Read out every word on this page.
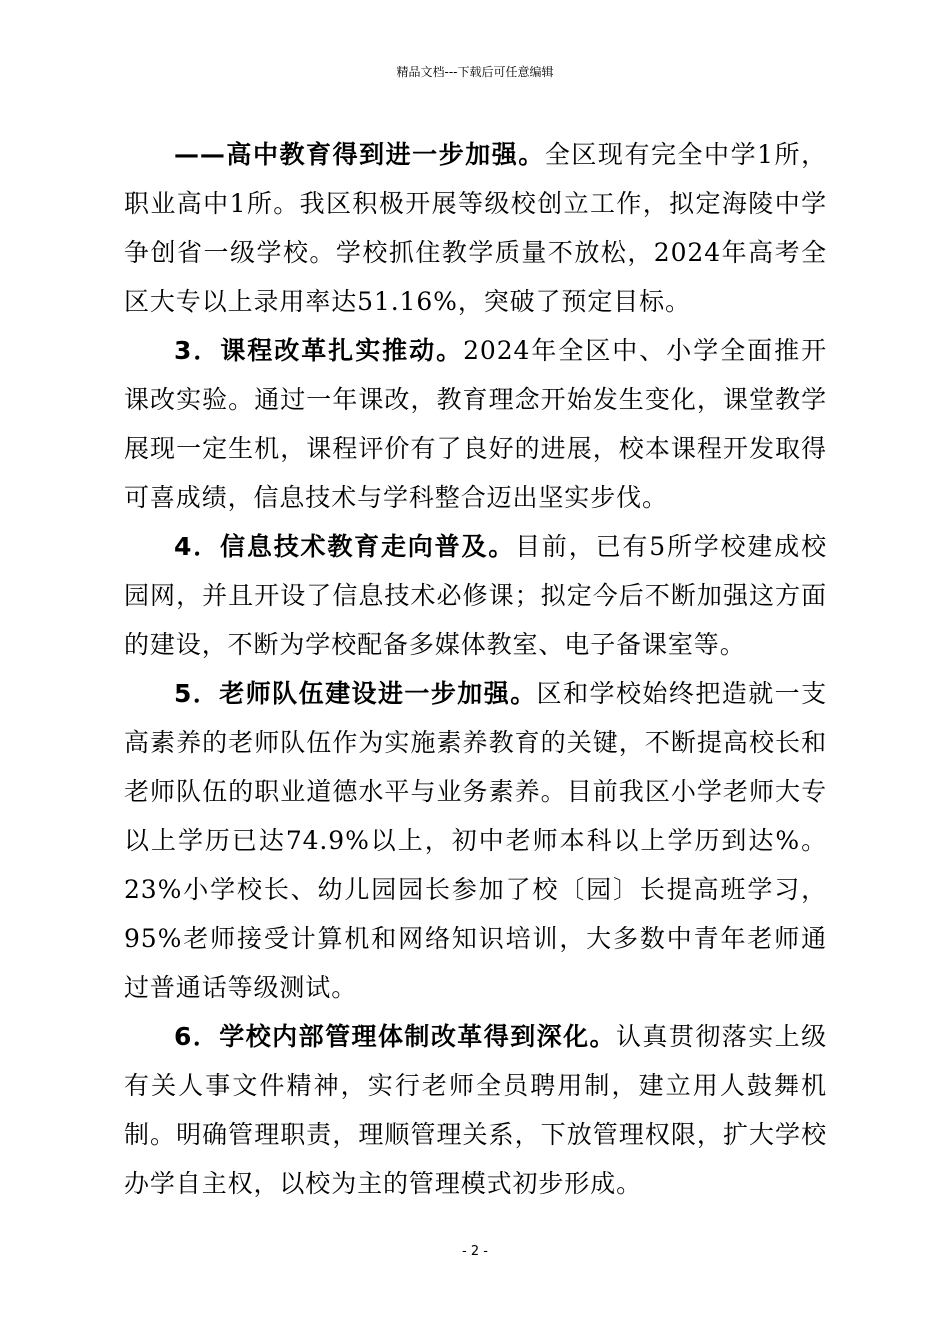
精品文档---下载后可任意编辑

——高中教育得到进一步加强。全区现有完全中学1所，职业高中1所。我区积极开展等级校创立工作，拟定海陵中学争创省一级学校。学校抓住教学质量不放松，2024年高考全区大专以上录用率达51.16%，突破了预定目标。

3．课程改革扎实推动。2024年全区中、小学全面推开课改实验。通过一年课改，教育理念开始发生变化，课堂教学展现一定生机，课程评价有了良好的进展，校本课程开发取得可喜成绩，信息技术与学科整合迈出坚实步伐。

4．信息技术教育走向普及。目前，已有5所学校建成校园网，并且开设了信息技术必修课；拟定今后不断加强这方面的建设，不断为学校配备多媒体教室、电子备课室等。

5．老师队伍建设进一步加强。区和学校始终把造就一支高素养的老师队伍作为实施素养教育的关键，不断提高校长和老师队伍的职业道德水平与业务素养。目前我区小学老师大专以上学历已达74.9%以上，初中老师本科以上学历到达%。23%小学校长、幼儿园园长参加了校〔园〕长提高班学习，95%老师接受计算机和网络知识培训，大多数中青年老师通过普通话等级测试。

6．学校内部管理体制改革得到深化。认真贯彻落实上级有关人事文件精神，实行老师全员聘用制，建立用人鼓舞机制。明确管理职责，理顺管理关系，下放管理权限，扩大学校办学自主权，以校为主的管理模式初步形成。

- 2 -
